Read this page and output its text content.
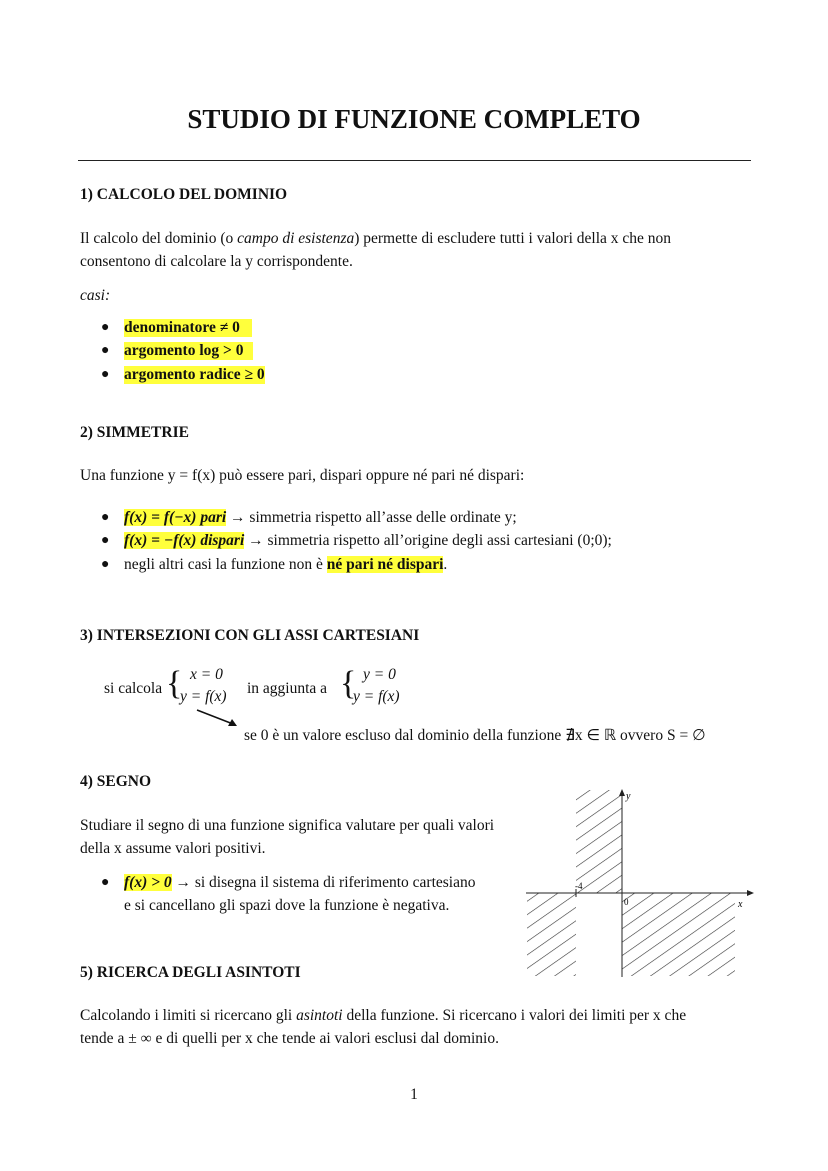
STUDIO DI FUNZIONE COMPLETO
1) CALCOLO DEL DOMINIO
Il calcolo del dominio (o campo di esistenza) permette di escludere tutti i valori della x che non
consentono di calcolare la y corrispondente.
casi:
● denominatore ≠ 0
● argomento log > 0
● argomento radice ≥ 0
2) SIMMETRIE
Una funzione y = f(x) può essere pari, dispari oppure né pari né dispari:
● f(x) = f(−x) pari → simmetria rispetto all’asse delle ordinate y;
● f(x) = −f(x) dispari → simmetria rispetto all’origine degli assi cartesiani (0;0);
● negli altri casi la funzione non è né pari né dispari.
3) INTERSEZIONI CON GLI ASSI CARTESIANI
si calcola { x = 0
y = f(x) in aggiunta a { y = 0
y = f(x)
se 0 è un valore escluso dal dominio della funzione ∄x ∈ ℝ ovvero S = ∅
4) SEGNO
Studiare il segno di una funzione significa valutare per quali valori
della x assume valori positivi.
● f(x) > 0 → si disegna il sistema di riferimento cartesiano
e si cancellano gli spazi dove la funzione è negativa.	x
y
0
-4
5) RICERCA DEGLI ASINTOTI
Calcolando i limiti si ricercano gli asintoti della funzione. Si ricercano i valori dei limiti per x che
tende a ± ∞ e di quelli per x che tende ai valori esclusi dal dominio.
1
